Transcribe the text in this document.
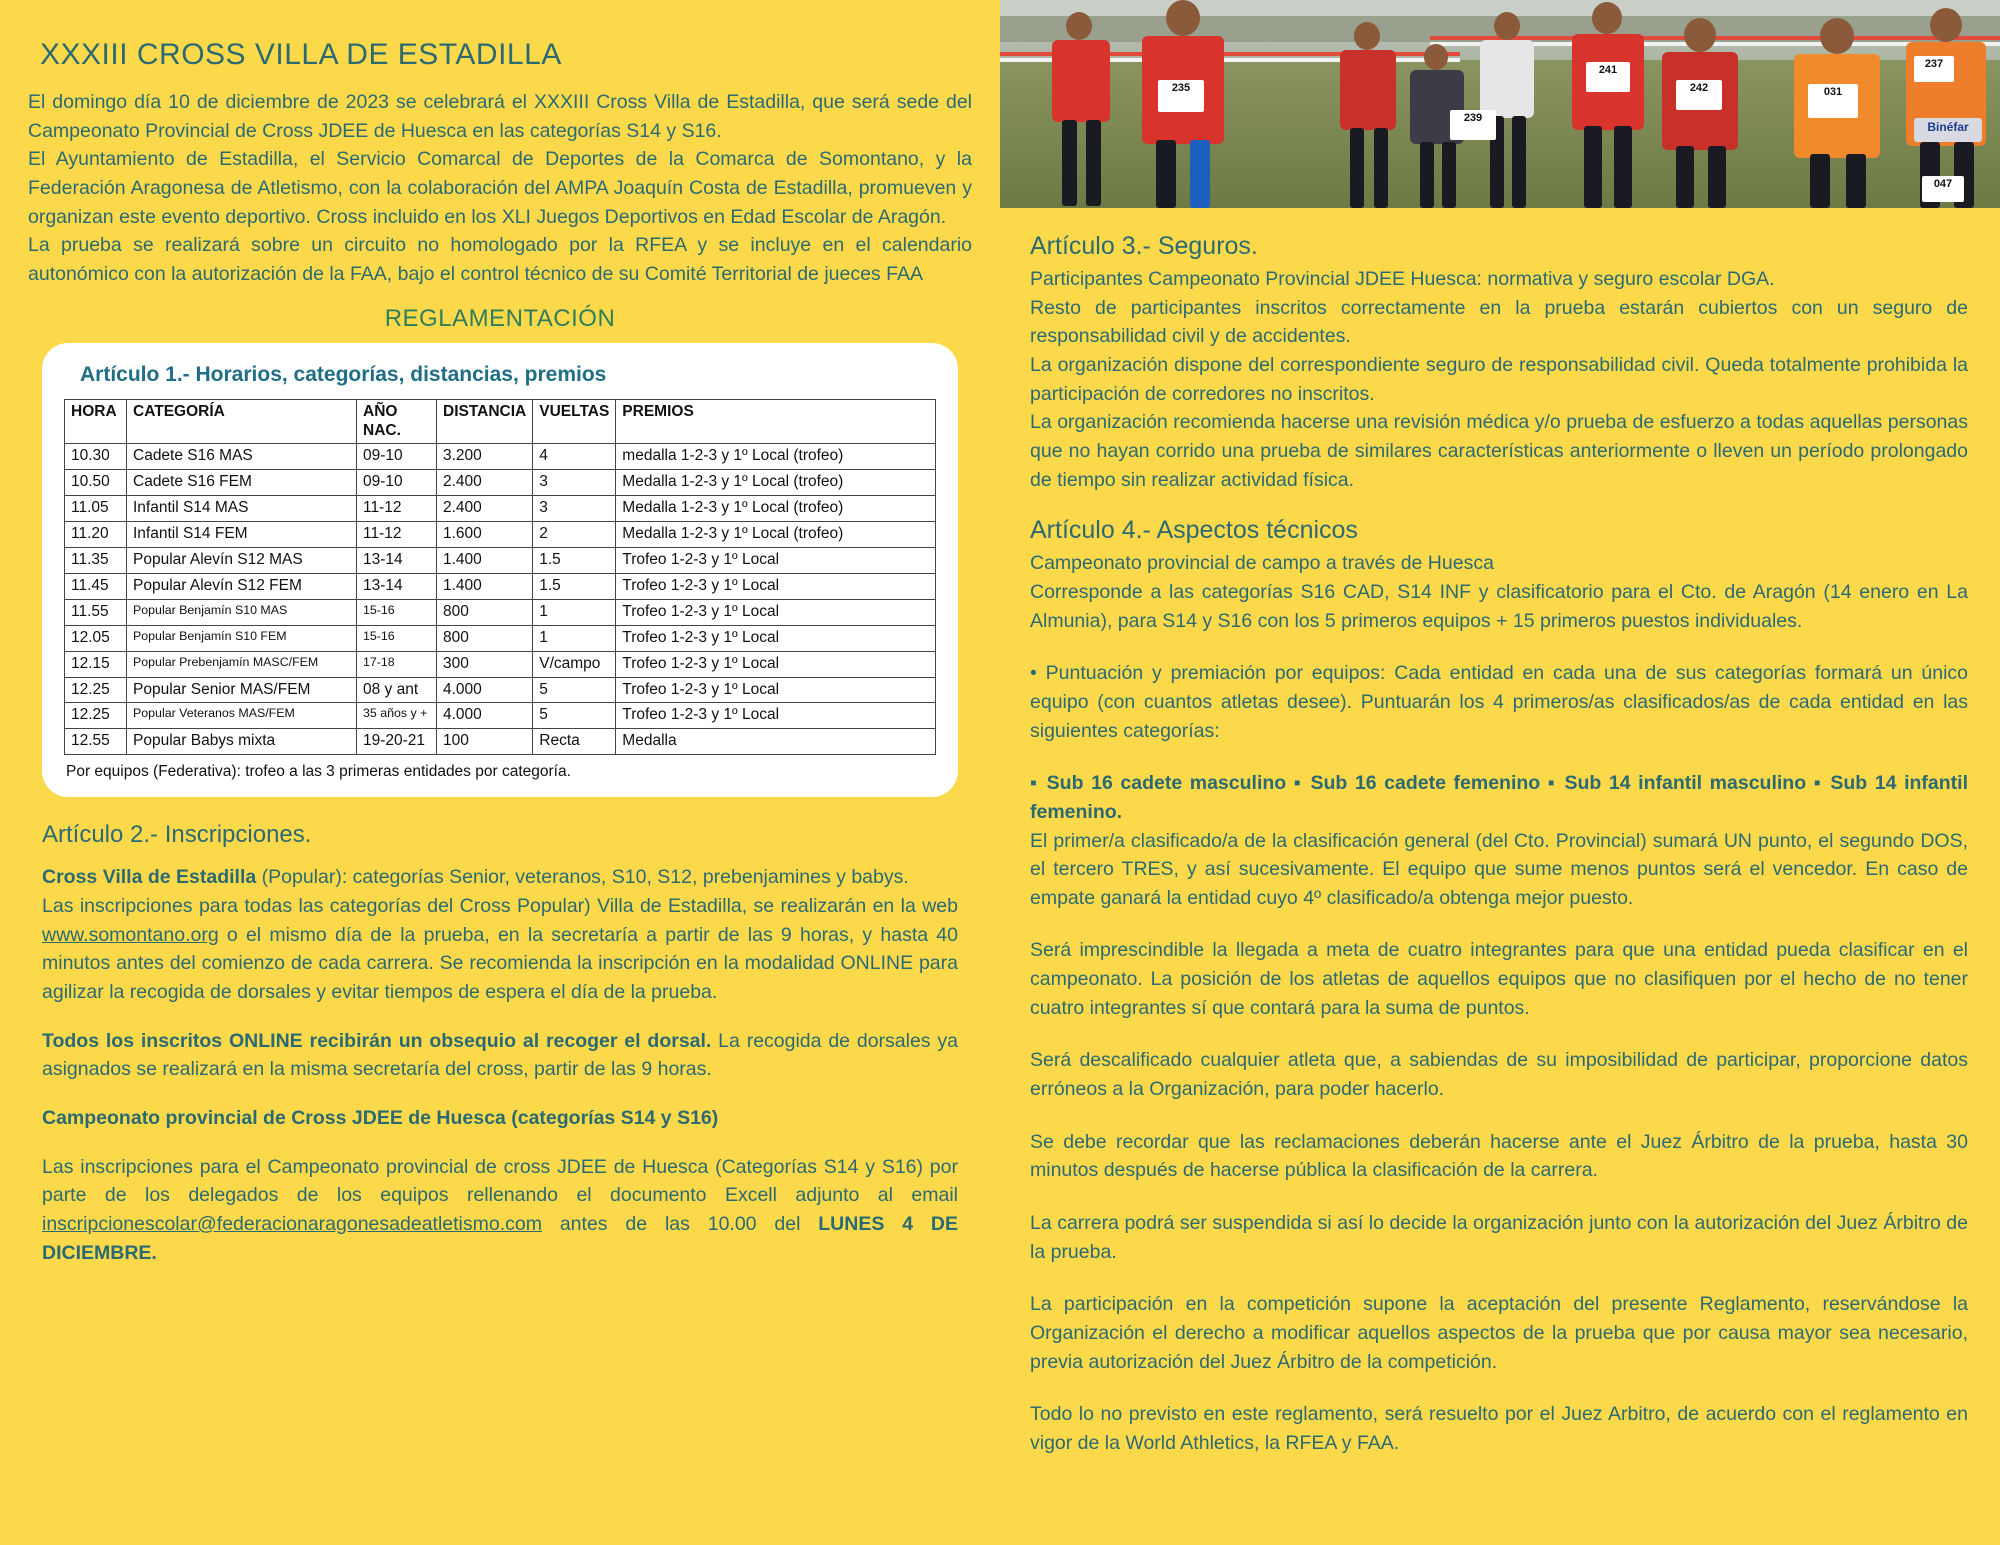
XXXIII CROSS VILLA DE ESTADILLA

El domingo día 10 de diciembre de 2023 se celebrará el XXXIII Cross Villa de Estadilla, que será sede del Campeonato Provincial de Cross JDEE de Huesca en las categorías S14 y S16.

El Ayuntamiento de Estadilla, el Servicio Comarcal de Deportes de la Comarca de Somontano, y la Federación Aragonesa de Atletismo, con la colaboración del AMPA Joaquín Costa de Estadilla, promueven y organizan este evento deportivo. Cross incluido en los XLI Juegos Deportivos en Edad Escolar de Aragón.

La prueba se realizará sobre un circuito no homologado por la RFEA y se incluye en el calendario autonómico con la autorización de la FAA, bajo el control técnico de su Comité Territorial de jueces FAA

REGLAMENTACIÓN
Artículo 1.- Horarios, categorías, distancias, premios
HORA	CATEGORÍA	AÑO NAC.	DISTANCIA	VUELTAS	PREMIOS
10.30	Cadete S16 MAS	09-10	3.200	4	medalla 1-2-3 y 1º Local (trofeo)
10.50	Cadete S16 FEM	09-10	2.400	3	Medalla 1-2-3 y 1º Local (trofeo)
11.05	Infantil S14 MAS	11-12	2.400	3	Medalla 1-2-3 y 1º Local (trofeo)
11.20	Infantil S14 FEM	11-12	1.600	2	Medalla 1-2-3 y 1º Local (trofeo)
11.35	Popular Alevín S12 MAS	13-14	1.400	1.5	Trofeo 1-2-3 y 1º Local
11.45	Popular Alevín S12 FEM	13-14	1.400	1.5	Trofeo 1-2-3 y 1º Local
11.55	Popular Benjamín S10 MAS	15-16	800	1	Trofeo 1-2-3 y 1º Local
12.05	Popular Benjamín S10 FEM	15-16	800	1	Trofeo 1-2-3 y 1º Local
12.15	Popular Prebenjamín MASC/FEM	17-18	300	V/campo	Trofeo 1-2-3 y 1º Local
12.25	Popular Senior MAS/FEM	08 y ant	4.000	5	Trofeo 1-2-3 y 1º Local
12.25	Popular Veteranos MAS/FEM	35 años y +	4.000	5	Trofeo 1-2-3 y 1º Local
12.55	Popular Babys mixta	19-20-21	100	Recta	Medalla
Por equipos (Federativa): trofeo a las 3 primeras entidades por categoría.
Artículo 2.- Inscripciones.

Cross Villa de Estadilla (Popular): categorías Senior, veteranos, S10, S12, prebenjamines y babys.

Las inscripciones para todas las categorías del Cross Popular) Villa de Estadilla, se realizarán en la web www.somontano.org o el mismo día de la prueba, en la secretaría a partir de las 9 horas, y hasta 40 minutos antes del comienzo de cada carrera. Se recomienda la inscripción en la modalidad ONLINE para agilizar la recogida de dorsales y evitar tiempos de espera el día de la prueba.

Todos los inscritos ONLINE recibirán un obsequio al recoger el dorsal. La recogida de dorsales ya asignados se realizará en la misma secretaría del cross, partir de las 9 horas.

Campeonato provincial de Cross JDEE de Huesca (categorías S14 y S16)

Las inscripciones para el Campeonato provincial de cross JDEE de Huesca (Categorías S14 y S16) por parte de los delegados de los equipos rellenando el documento Excell adjunto al email inscripcionescolar@federacionaragonesadeatletismo.com antes de las 10.00 del LUNES 4 DE DICIEMBRE.

235
241
242
239
031
237
Binéfar
047
Artículo 3.- Seguros.

Participantes Campeonato Provincial JDEE Huesca: normativa y seguro escolar DGA.

Resto de participantes inscritos correctamente en la prueba estarán cubiertos con un seguro de responsabilidad civil y de accidentes.

La organización dispone del correspondiente seguro de responsabilidad civil. Queda totalmente prohibida la participación de corredores no inscritos.

La organización recomienda hacerse una revisión médica y/o prueba de esfuerzo a todas aquellas personas que no hayan corrido una prueba de similares características anteriormente o lleven un período prolongado de tiempo sin realizar actividad física.

Artículo 4.- Aspectos técnicos

Campeonato provincial de campo a través de Huesca

Corresponde a las categorías S16 CAD, S14 INF y clasificatorio para el Cto. de Aragón (14 enero en La Almunia), para S14 y S16 con los 5 primeros equipos + 15 primeros puestos individuales.

• Puntuación y premiación por equipos: Cada entidad en cada una de sus categorías formará un único equipo (con cuantos atletas desee). Puntuarán los 4 primeros/as clasificados/as de cada entidad en las siguientes categorías:

▪ Sub 16 cadete masculino ▪ Sub 16 cadete femenino ▪ Sub 14 infantil masculino ▪ Sub 14 infantil femenino.

El primer/a clasificado/a de la clasificación general (del Cto. Provincial) sumará UN punto, el segundo DOS, el tercero TRES, y así sucesivamente. El equipo que sume menos puntos será el vencedor. En caso de empate ganará la entidad cuyo 4º clasificado/a obtenga mejor puesto.

Será imprescindible la llegada a meta de cuatro integrantes para que una entidad pueda clasificar en el campeonato. La posición de los atletas de aquellos equipos que no clasifiquen por el hecho de no tener cuatro integrantes sí que contará para la suma de puntos.

Será descalificado cualquier atleta que, a sabiendas de su imposibilidad de participar, proporcione datos erróneos a la Organización, para poder hacerlo.

Se debe recordar que las reclamaciones deberán hacerse ante el Juez Árbitro de la prueba, hasta 30 minutos después de hacerse pública la clasificación de la carrera.

La carrera podrá ser suspendida si así lo decide la organización junto con la autorización del Juez Árbitro de la prueba.

La participación en la competición supone la aceptación del presente Reglamento, reservándose la Organización el derecho a modificar aquellos aspectos de la prueba que por causa mayor sea necesario, previa autorización del Juez Árbitro de la competición.

Todo lo no previsto en este reglamento, será resuelto por el Juez Arbitro, de acuerdo con el reglamento en vigor de la World Athletics, la RFEA y FAA.
